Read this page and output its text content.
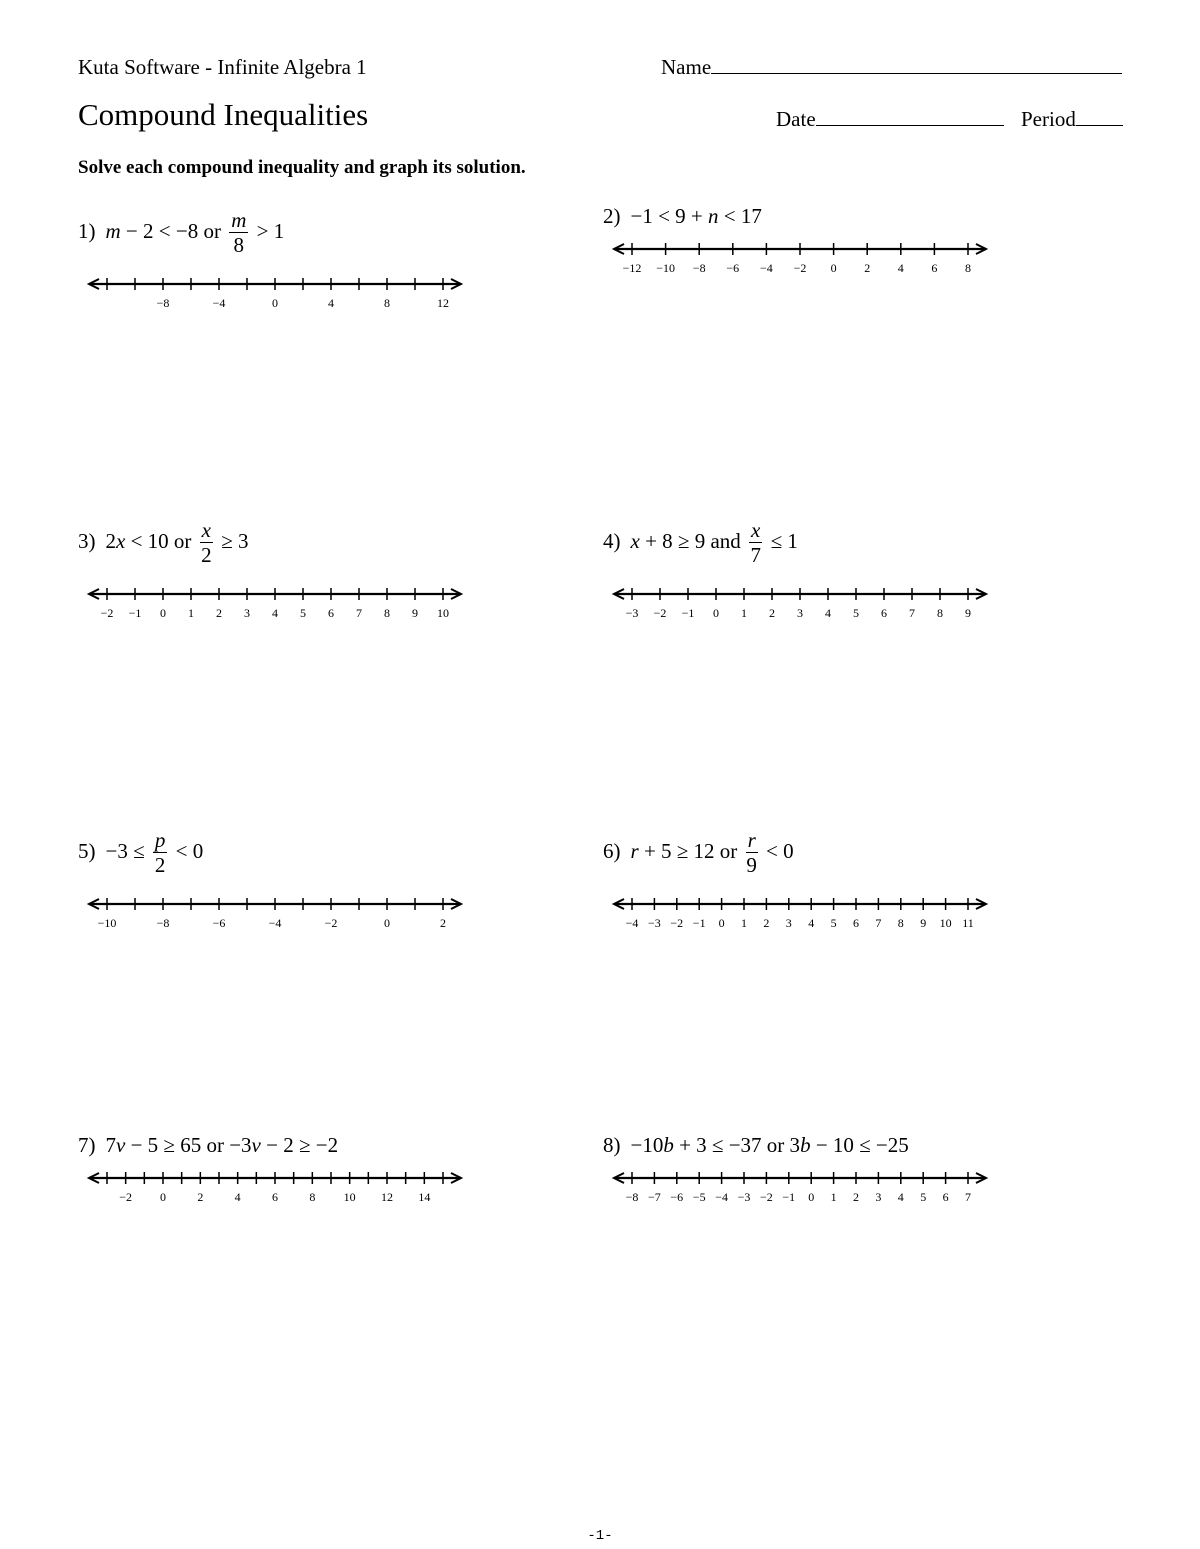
Kuta Software - Infinite Algebra 1
Compound Inequalities
Name
Date	Period
Solve each compound inequality and graph its solution.
1) m − 2 < −8 or $\frac{m}{8} > 1$
−8	−4	0	4	8	12
2) −1 < 9 + n < 17
−12 −10 −8 −6 −4 −2 0 2 4 6 8
3) 2x < 10 or $\frac{x}{2} \ge 3$
−2 −1 0 1 2 3 4 5 6 7 8 9 10
4) x + 8 ≥ 9 and $\frac{x}{7} \le 1$
−3 −2 −1 0 1 2 3 4 5 6 7 8 9
$5) -3 \le \frac{p}{2} < 0$
−10	−8	−6	−4	−2	0	2
6) r + 5 ≥ 12 or $\frac{r}{9} < 0$
−4 −3 −2 −1 0 1 2 3 4 5 6 7 8 9 10 11
7) 7v − 5 ≥ 65 or −3v − 2 ≥ −2
−2 0	2	4	6	8 10 12 14
8) −10b + 3 ≤ −37 or 3b − 10 ≤ −25
−8 −7 −6 −5 −4 −3 −2 −1 0 1 2 3 4 5 6 7
-1-
